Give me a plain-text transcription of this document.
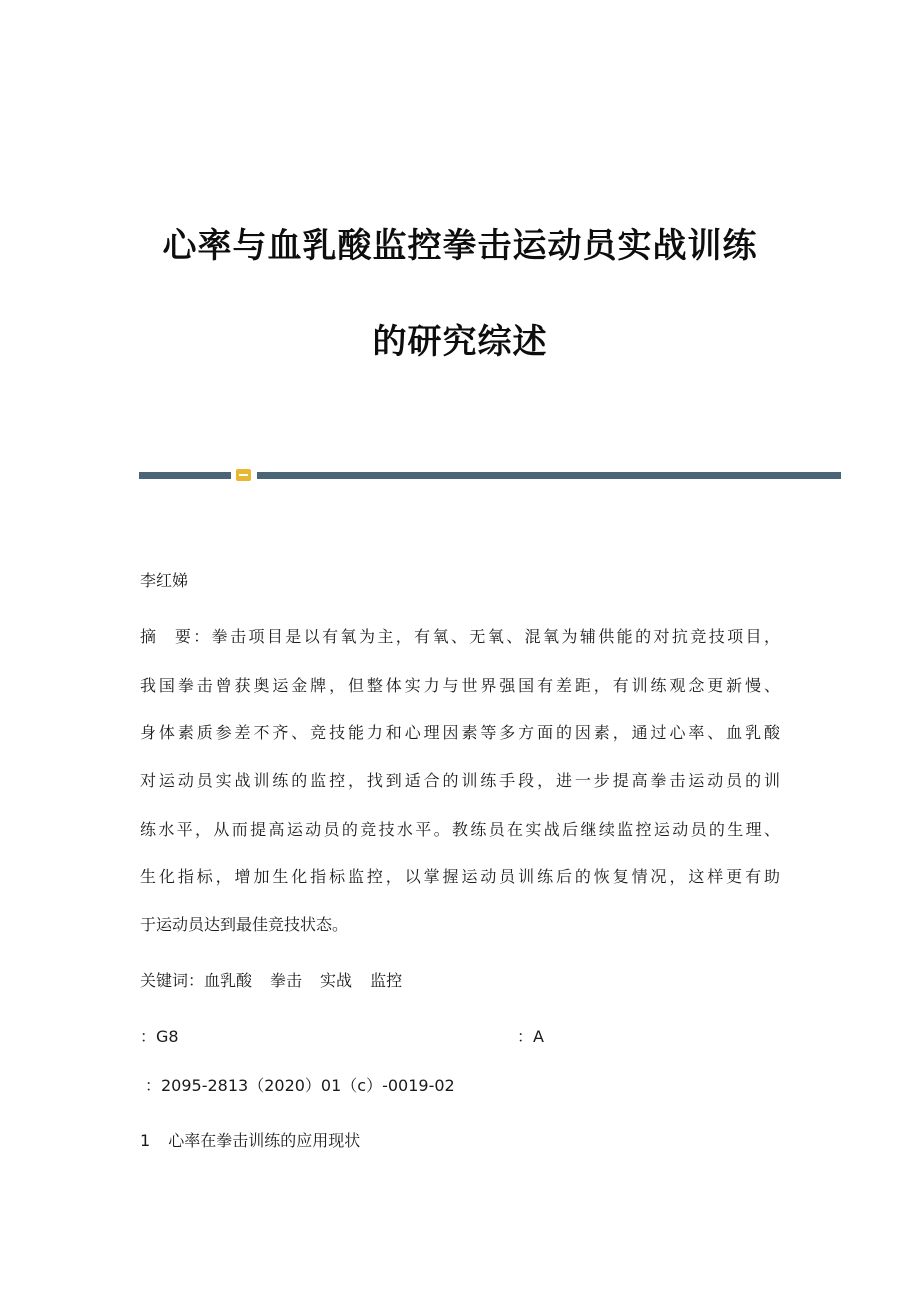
心率与血乳酸监控拳击运动员实战训练
的研究综述
李红娣
摘 要：拳击项目是以有氧为主，有氧、无氧、混氧为辅供能的对抗竞技项目，
我国拳击曾获奥运金牌，但整体实力与世界强国有差距，有训练观念更新慢、
身体素质参差不齐、竞技能力和心理因素等多方面的因素，通过心率、血乳酸
对运动员实战训练的监控，找到适合的训练手段，进一步提高拳击运动员的训
练水平，从而提高运动员的竞技水平。教练员在实战后继续监控运动员的生理、
生化指标，增加生化指标监控，以掌握运动员训练后的恢复情况，这样更有助
于运动员达到最佳竞技状态。
关键词：血乳酸 拳击 实战 监控
：G8	：A
：2095-2813（2020）01（c）-0019-02
1 心率在拳击训练的应用现状
